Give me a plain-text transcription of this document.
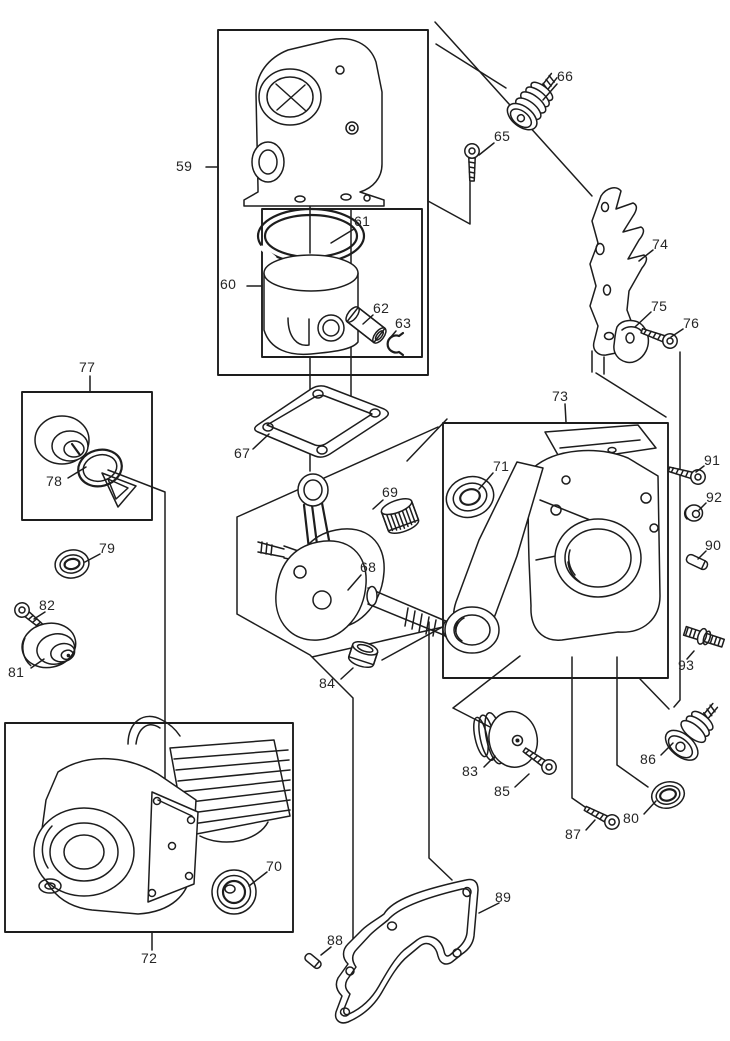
59
60
61
62
63
65
66
67
68
69
70
71
72
73
74
75
76
77
78
79
80
81
82
83
84
85
86
87
88
89
90
91
92
93
